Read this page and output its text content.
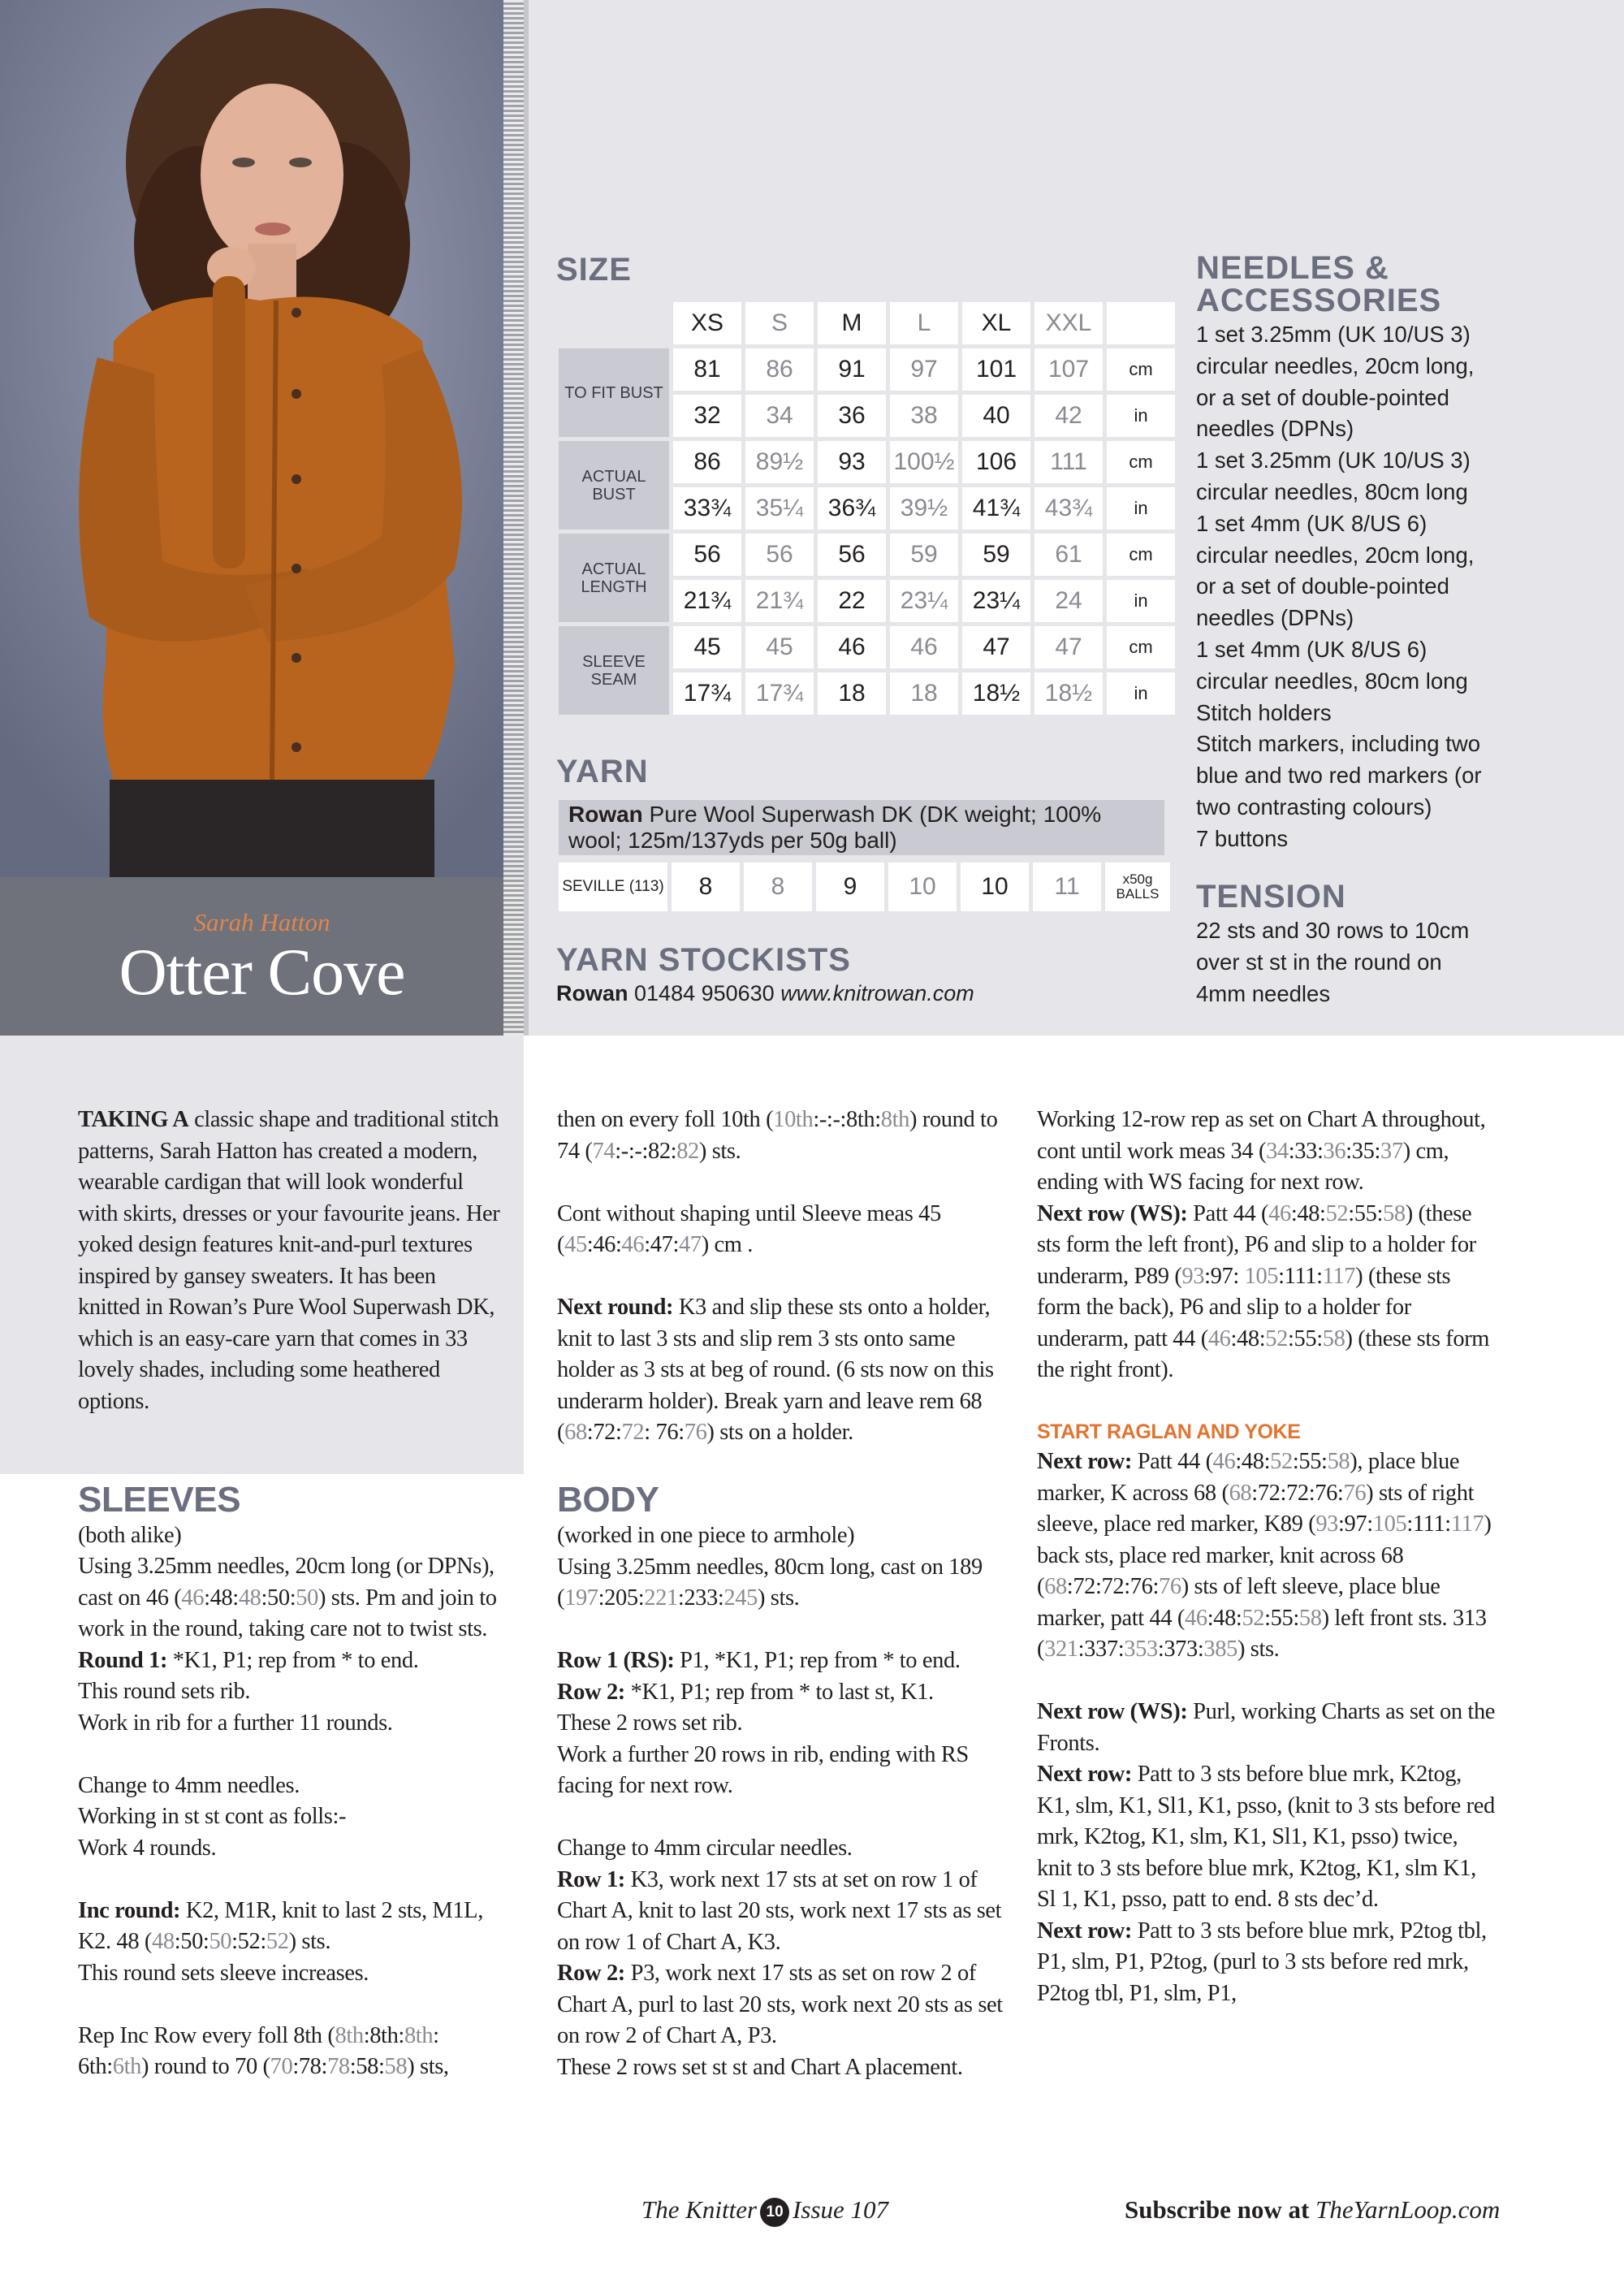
Sarah Hatton
Otter Cove
SIZE
	XS	S	M	L	XL	XXL	
TO FIT BUST	81	86	91	97	101	107	cm
	32	34	36	38	40	42	in
ACTUAL BUST	86	89½	93	100½	106	111	cm
	33¾	35¼	36¾	39½	41¾	43¾	in
ACTUAL LENGTH	56	56	56	59	59	61	cm
	21¾	21¾	22	23¼	23¼	24	in
SLEEVE SEAM	45	45	46	46	47	47	cm
	17¾	17¾	18	18	18½	18½	in
YARN
Rowan Pure Wool Superwash DK (DK weight; 100% wool; 125m/137yds per 50g ball)
SEVILLE (113)	8	8	9	10	10	11	x50g
BALLS
YARN STOCKISTS
Rowan 01484 950630 www.knitrowan.com
NEEDLES &
ACCESSORIES
1 set 3.25mm (UK 10/US 3)
circular needles, 20cm long,
or a set of double-pointed
needles (DPNs)
1 set 3.25mm (UK 10/US 3)
circular needles, 80cm long
1 set 4mm (UK 8/US 6)
circular needles, 20cm long,
or a set of double-pointed
needles (DPNs)
1 set 4mm (UK 8/US 6)
circular needles, 80cm long
Stitch holders
Stitch markers, including two
blue and two red markers (or
two contrasting colours)
7 buttons
TENSION
22 sts and 30 rows to 10cm
over st st in the round on
4mm needles

TAKING A classic shape and traditional stitch patterns, Sarah Hatton has created a modern, wearable cardigan that will look wonderful with skirts, dresses or your favourite jeans. Her yoked design features knit-and-purl textures inspired by gansey sweaters. It has been knitted in Rowan’s Pure Wool Superwash DK, which is an easy-care yarn that comes in 33 lovely shades, including some heathered options.

SLEEVES

(both alike)

Using 3.25mm needles, 20cm long (or DPNs), cast on 46 (46:48:48:50:50) sts. Pm and join to work in the round, taking care not to twist sts.
Round 1: *K1, P1; rep from * to end.
This round sets rib.
Work in rib for a further 11 rounds.

Change to 4mm needles.
Working in st st cont as folls:-
Work 4 rounds.

Inc round: K2, M1R, knit to last 2 sts, M1L, K2. 48 (48:50:50:52:52) sts.
This round sets sleeve increases.

Rep Inc Row every foll 8th (8th:8th:8th: 6th:6th) round to 70 (70:78:78:58:58) sts,

then on every foll 10th (10th:-:-:8th:8th) round to 74 (74:-:-:82:82) sts.

Cont without shaping until Sleeve meas 45 (45:46:46:47:47) cm .

Next round: K3 and slip these sts onto a holder, knit to last 3 sts and slip rem 3 sts onto same holder as 3 sts at beg of round. (6 sts now on this underarm holder). Break yarn and leave rem 68 (68:72:72: 76:76) sts on a holder.

BODY

(worked in one piece to armhole)

Using 3.25mm needles, 80cm long, cast on 189 (197:205:221:233:245) sts.

Row 1 (RS): P1, *K1, P1; rep from * to end.
Row 2: *K1, P1; rep from * to last st, K1.
These 2 rows set rib.
Work a further 20 rows in rib, ending with RS facing for next row.

Change to 4mm circular needles.
Row 1: K3, work next 17 sts at set on row 1 of Chart A, knit to last 20 sts, work next 17 sts as set on row 1 of Chart A, K3.
Row 2: P3, work next 17 sts as set on row 2 of Chart A, purl to last 20 sts, work next 20 sts as set on row 2 of Chart A, P3.
These 2 rows set st st and Chart A placement.

Working 12-row rep as set on Chart A throughout, cont until work meas 34 (34:33:36:35:37) cm, ending with WS facing for next row.

Next row (WS): Patt 44 (46:48:52:55:58) (these sts form the left front), P6 and slip to a holder for underarm, P89 (93:97: 105:111:117) (these sts form the back), P6 and slip to a holder for underarm, patt 44 (46:48:52:55:58) (these sts form the right front).

START RAGLAN AND YOKE

Next row: Patt 44 (46:48:52:55:58), place blue marker, K across 68 (68:72:72:76:76) sts of right sleeve, place red marker, K89 (93:97:105:111:117) back sts, place red marker, knit across 68 (68:72:72:76:76) sts of left sleeve, place blue marker, patt 44 (46:48:52:55:58) left front sts. 313 (321:337:353:373:385) sts.

Next row (WS): Purl, working Charts as set on the Fronts.
Next row: Patt to 3 sts before blue mrk, K2tog, K1, slm, K1, Sl1, K1, psso, (knit to 3 sts before red mrk, K2tog, K1, slm, K1, Sl1, K1, psso) twice, knit to 3 sts before blue mrk, K2tog, K1, slm K1, Sl 1, K1, psso, patt to end. 8 sts dec’d.
Next row: Patt to 3 sts before blue mrk, P2tog tbl, P1, slm, P1, P2tog, (purl to 3 sts before red mrk, P2tog tbl, P1, slm, P1,

The Knitter 10 Issue 107	Subscribe now at TheYarnLoop.com
